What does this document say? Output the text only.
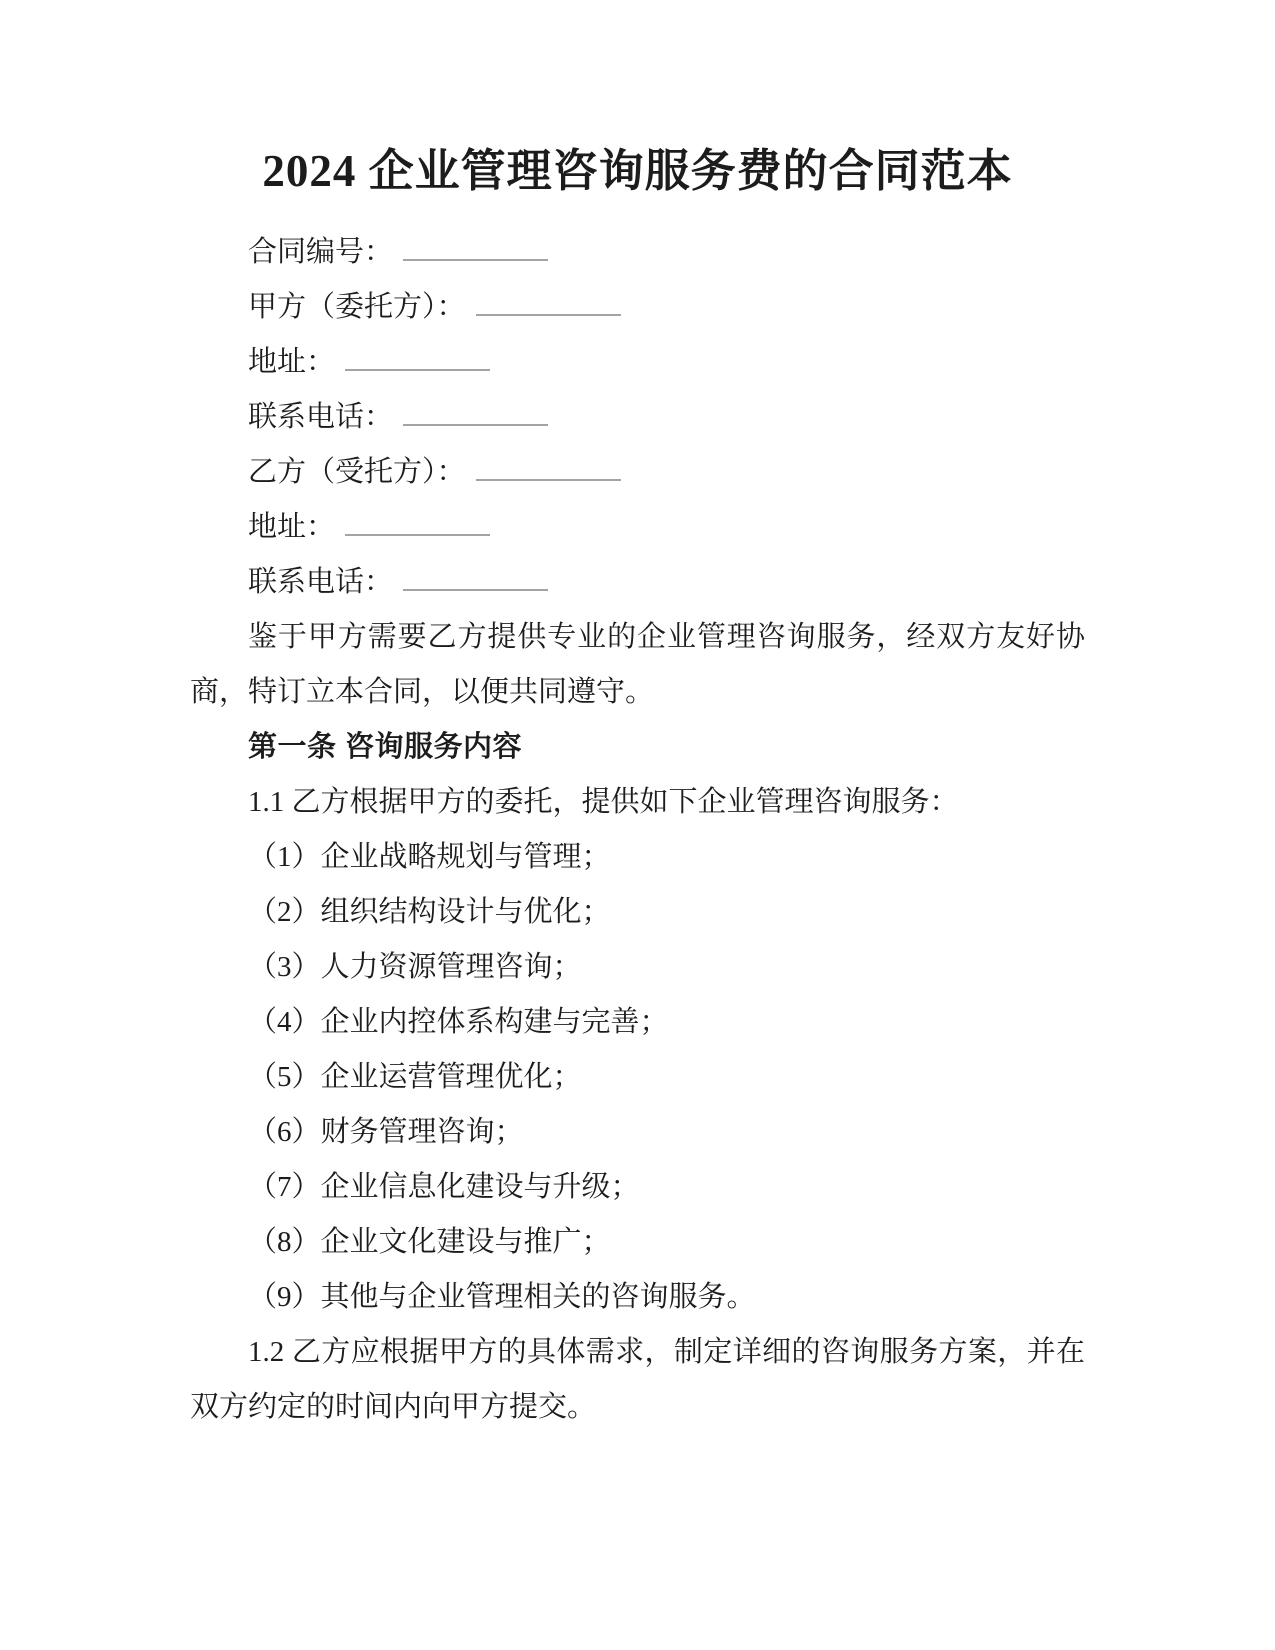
2024 企业管理咨询服务费的合同范本

合同编号：

甲方（委托方）：

地址：

联系电话：

乙方（受托方）：

地址：

联系电话：

鉴于甲方需要乙方提供专业的企业管理咨询服务，经双方友好协商，特订立本合同，以便共同遵守。

第一条 咨询服务内容

1.1 乙方根据甲方的委托，提供如下企业管理咨询服务：

（1）企业战略规划与管理；

（2）组织结构设计与优化；

（3）人力资源管理咨询；

（4）企业内控体系构建与完善；

（5）企业运营管理优化；

（6）财务管理咨询；

（7）企业信息化建设与升级；

（8）企业文化建设与推广；

（9）其他与企业管理相关的咨询服务。

1.2 乙方应根据甲方的具体需求，制定详细的咨询服务方案，并在双方约定的时间内向甲方提交。
